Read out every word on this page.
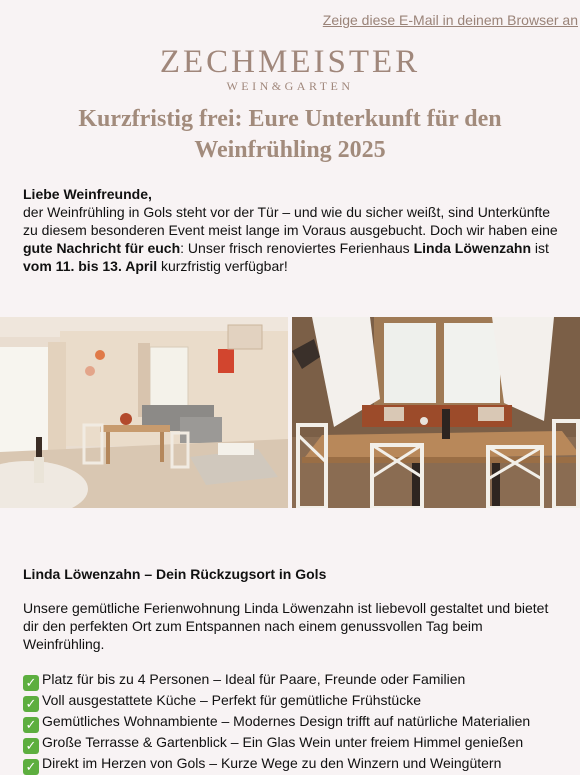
Zeige diese E-Mail in deinem Browser an
ZECHMEISTER
WEIN&GARTEN
Kurzfristig frei: Eure Unterkunft für den Weinfrühling 2025
Liebe Weinfreunde,
der Weinfrühling in Gols steht vor der Tür – und wie du sicher weißt, sind Unterkünfte zu diesem besonderen Event meist lange im Voraus ausgebucht. Doch wir haben eine gute Nachricht für euch: Unser frisch renoviertes Ferienhaus Linda Löwenzahn ist vom 11. bis 13. April kurzfristig verfügbar!
Linda Löwenzahn – Dein Rückzugsort in Gols
Unsere gemütliche Ferienwohnung Linda Löwenzahn ist liebevoll gestaltet und bietet dir den perfekten Ort zum Entspannen nach einem genussvollen Tag beim Weinfrühling.
✓ Platz für bis zu 4 Personen – Ideal für Paare, Freunde oder Familien
✓ Voll ausgestattete Küche – Perfekt für gemütliche Frühstücke
✓ Gemütliches Wohnambiente – Modernes Design trifft auf natürliche Materialien
✓ Große Terrasse & Gartenblick – Ein Glas Wein unter freiem Himmel genießen
✓ Direkt im Herzen von Gols – Kurze Wege zu den Winzern und Weingütern
